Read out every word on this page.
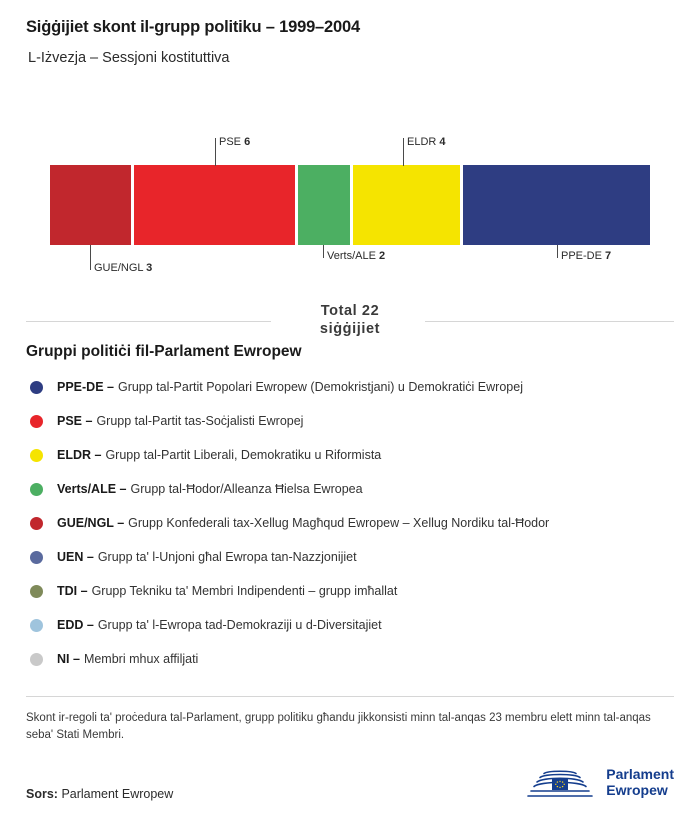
Siġġijiet skont il-grupp politiku – 1999–2004
L-Iżvezja – Sessjoni kostituttiva
PSE 6	ELDR 4
GUE/NGL 3
Verts/ALE 2	PPE-DE 7
Total 22
siġġijiet
Gruppi politiċi fil-Parlament Ewropew
PPE-DE – Grupp tal-Partit Popolari Ewropew (Demokristjani) u Demokratiċi Ewropej
PSE – Grupp tal-Partit tas-Soċjalisti Ewropej
ELDR – Grupp tal-Partit Liberali, Demokratiku u Riformista
Verts/ALE – Grupp tal-Ħodor/Alleanza Ħielsa Ewropea
GUE/NGL – Grupp Konfederali tax-Xellug Magħqud Ewropew – Xellug Nordiku tal-Ħodor
UEN – Grupp ta' l-Unjoni għal Ewropa tan-Nazzjonijiet
TDI – Grupp Tekniku ta' Membri Indipendenti – grupp imħallat
EDD – Grupp ta' l-Ewropa tad-Demokraziji u d-Diversitajiet
NI – Membri mhux affiljati
Skont ir-regoli ta' proċedura tal-Parlament, grupp politiku għandu jikkonsisti minn tal-anqas 23 membru elett minn tal-anqas seba' Stati Membri.
Sors: Parlament Ewropew
Parlament
Ewropew
